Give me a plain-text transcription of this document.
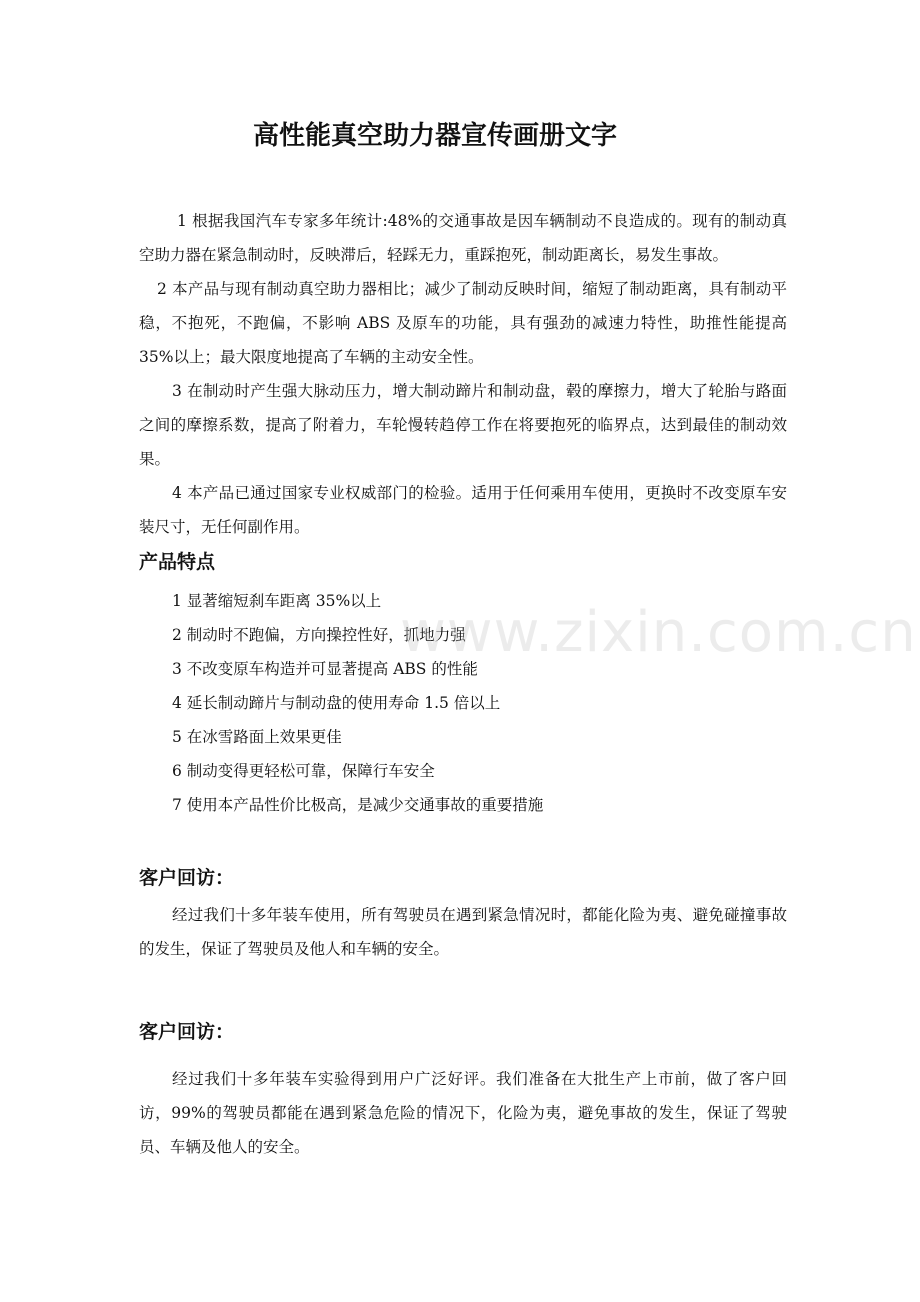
高性能真空助力器宣传画册文字

1 根据我国汽车专家多年统计:48%的交通事故是因车辆制动不良造成的。现有的制动真空助力器在紧急制动时，反映滞后，轻踩无力，重踩抱死，制动距离长，易发生事故。

2 本产品与现有制动真空助力器相比；减少了制动反映时间，缩短了制动距离，具有制动平稳，不抱死，不跑偏，不影响 ABS 及原车的功能，具有强劲的减速力特性，助推性能提高 35%以上；最大限度地提高了车辆的主动安全性。

3 在制动时产生强大脉动压力，增大制动蹄片和制动盘，毂的摩擦力，增大了轮胎与路面之间的摩擦系数，提高了附着力，车轮慢转趋停工作在将要抱死的临界点，达到最佳的制动效果。

4 本产品已通过国家专业权威部门的检验。适用于任何乘用车使用，更换时不改变原车安装尺寸，无任何副作用。

产品特点
1 显著缩短刹车距离 35%以上
2 制动时不跑偏，方向操控性好，抓地力强
3 不改变原车构造并可显著提高 ABS 的性能
4 延长制动蹄片与制动盘的使用寿命 1.5 倍以上
5 在冰雪路面上效果更佳
6 制动变得更轻松可靠，保障行车安全
7 使用本产品性价比极高，是减少交通事故的重要措施
客户回访：

经过我们十多年装车使用，所有驾驶员在遇到紧急情况时，都能化险为夷、避免碰撞事故的发生，保证了驾驶员及他人和车辆的安全。

客户回访：

经过我们十多年装车实验得到用户广泛好评。我们准备在大批生产上市前，做了客户回访，99%的驾驶员都能在遇到紧急危险的情况下，化险为夷，避免事故的发生，保证了驾驶员、车辆及他人的安全。

www.zixin.com.cn
